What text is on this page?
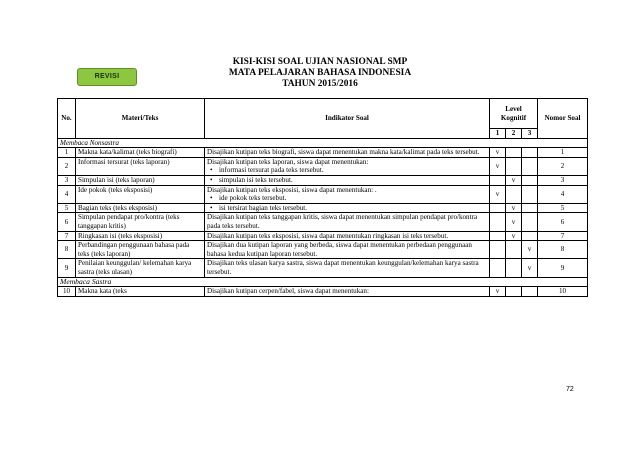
REVISI
KISI-KISI SOAL UJIAN NASIONAL SMP
MATA PELAJARAN BAHASA INDONESIA
TAHUN 2015/2016
No.	Materi/Teks	Indikator Soal	Level Kognitif			Nomor Soal
			1	2	3	
Membaca Nonsastra						
1	Makna kata/kalimat (teks biografi)	Disajikan kutipan teks biografi, siswa dapat menentukan makna kata/kalimat pada teks tersebut.	v			1
2	Informasi tersurat (teks laporan)	Disajikan kutipan teks laporan, siswa dapat menentukan:
• informasi tersurat pada teks tersebut.	v			2
3	Simpulan isi (teks laporan)	• simpulan isi teks tersebut.		v		3
4	Ide pokok (teks eksposisi)	Disajikan kutipan teks eksposisi, siswa dapat menentukan: .
• ide pokok teks tersebut.	v			4
5	Bagian teks (teks eksposisi)	• isi tersirat bagian teks tersebut.		v		5
6	Simpulan pendapat pro/kontra (teks tanggapan kritis)	Disajikan kutipan teks tanggapan kritis, siswa dapat menentukan simpulan pendapat pro/kontra pada teks tersebut.		v		6
7	Ringkasan isi (teks eksposisi)	Disajikan kutipan teks eksposisi, siswa dapat menentukan ringkasan isi teks tersebut.		v		7
8	Perbandingan penggunaan bahasa pada teks (teks laporan)	Disajikan dua kutipan laporan yang berbeda, siswa dapat menentukan perbedaan penggunaan bahasa kedua kutipan laporan tersebut.			v	8
9	Penilaian keunggulan/ kelemahan karya sastra (teks ulasan)	Disajikan teks ulasan karya sastra, siswa dapat menentukan keunggulan/kelemahan karya sastra tersebut.			v	9
Membaca Sastra						
10	Makna kata (teks	Disajikan kutipan cerpen/fabel, siswa dapat menentukan:	v			10
72
